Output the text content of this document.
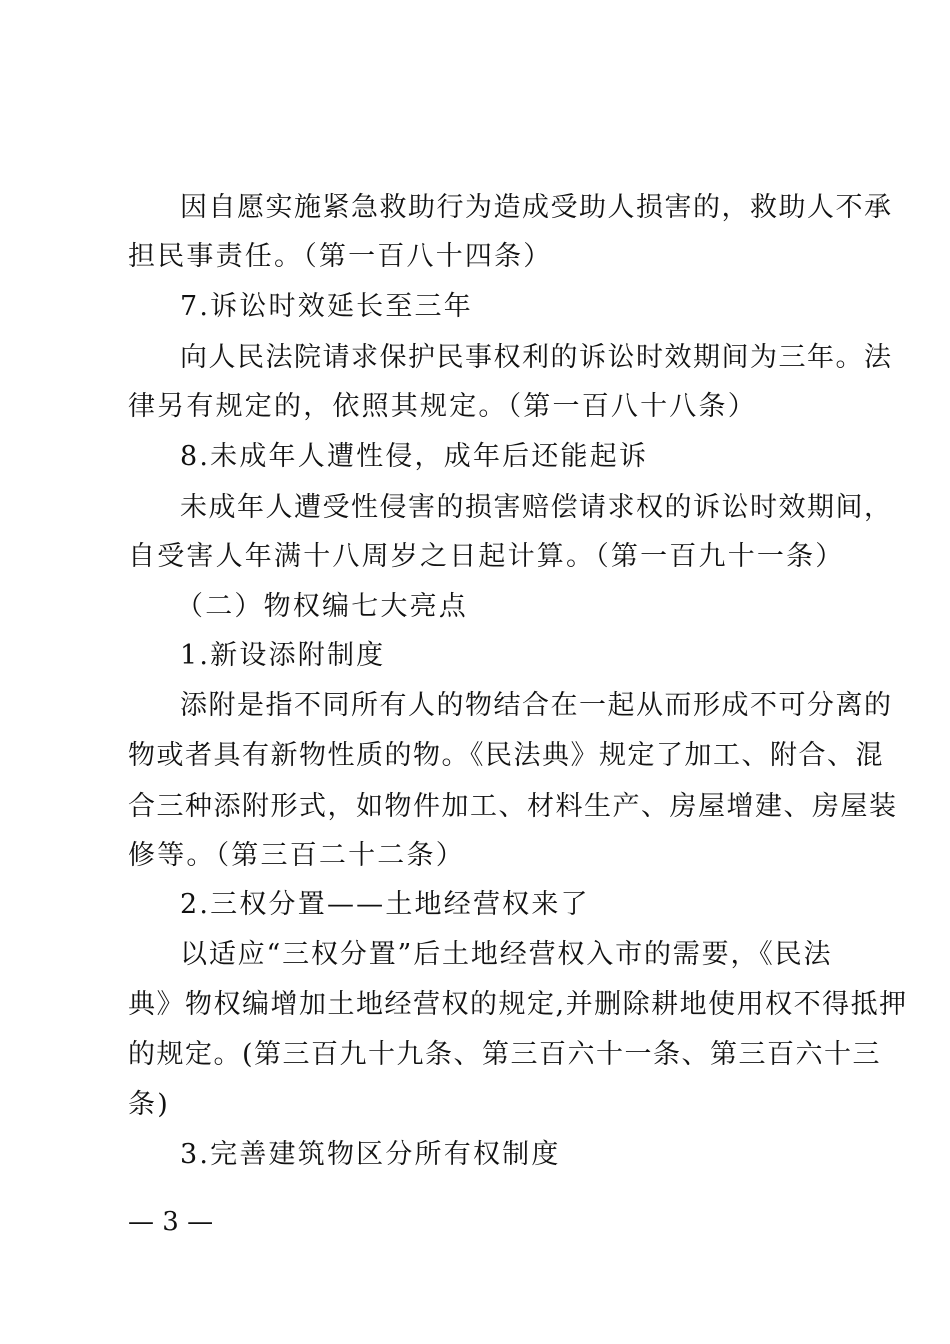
因自愿实施紧急救助行为造成受助人损害的，救助人不承
担民事责任。（第一百八十四条）
7.诉讼时效延长至三年
向人民法院请求保护民事权利的诉讼时效期间为三年。法
律另有规定的，依照其规定。（第一百八十八条）
8.未成年人遭性侵，成年后还能起诉
未成年人遭受性侵害的损害赔偿请求权的诉讼时效期间，
自受害人年满十八周岁之日起计算。（第一百九十一条）
（二）物权编七大亮点
1.新设添附制度
添附是指不同所有人的物结合在一起从而形成不可分离的
物或者具有新物性质的物。《民法典》规定了加工、附合、混
合三种添附形式，如物件加工、材料生产、房屋增建、房屋装
修等。（第三百二十二条）
2.三权分置——土地经营权来了
以适应“三权分置”后土地经营权入市的需要，《民法
典》物权编增加土地经营权的规定,并删除耕地使用权不得抵押
的规定。(第三百九十九条、第三百六十一条、第三百六十三
条)
3.完善建筑物区分所有权制度
— 3 —
